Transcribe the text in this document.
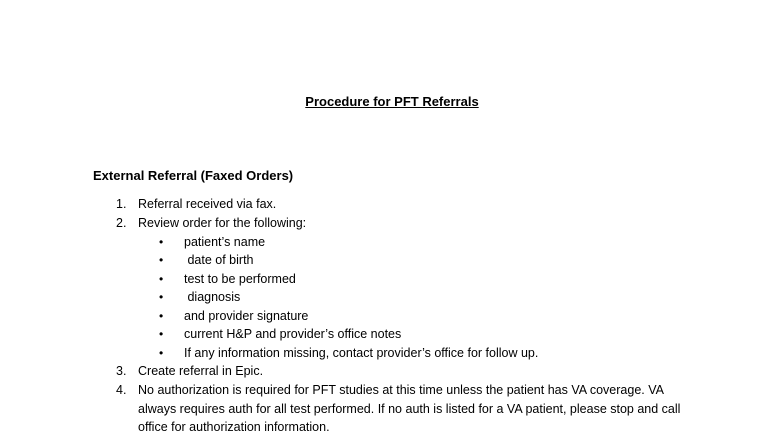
Procedure for PFT Referrals
External Referral (Faxed Orders)
1. Referral received via fax.
2. Review order for the following:
• patient’s name
• date of birth
• test to be performed
• diagnosis
• and provider signature
• current H&P and provider’s office notes
• If any information missing, contact provider’s office for follow up.
3. Create referral in Epic.
4. No authorization is required for PFT studies at this time unless the patient has VA coverage. VA always requires auth for all test performed. If no auth is listed for a VA patient, please stop and call office for authorization information.
